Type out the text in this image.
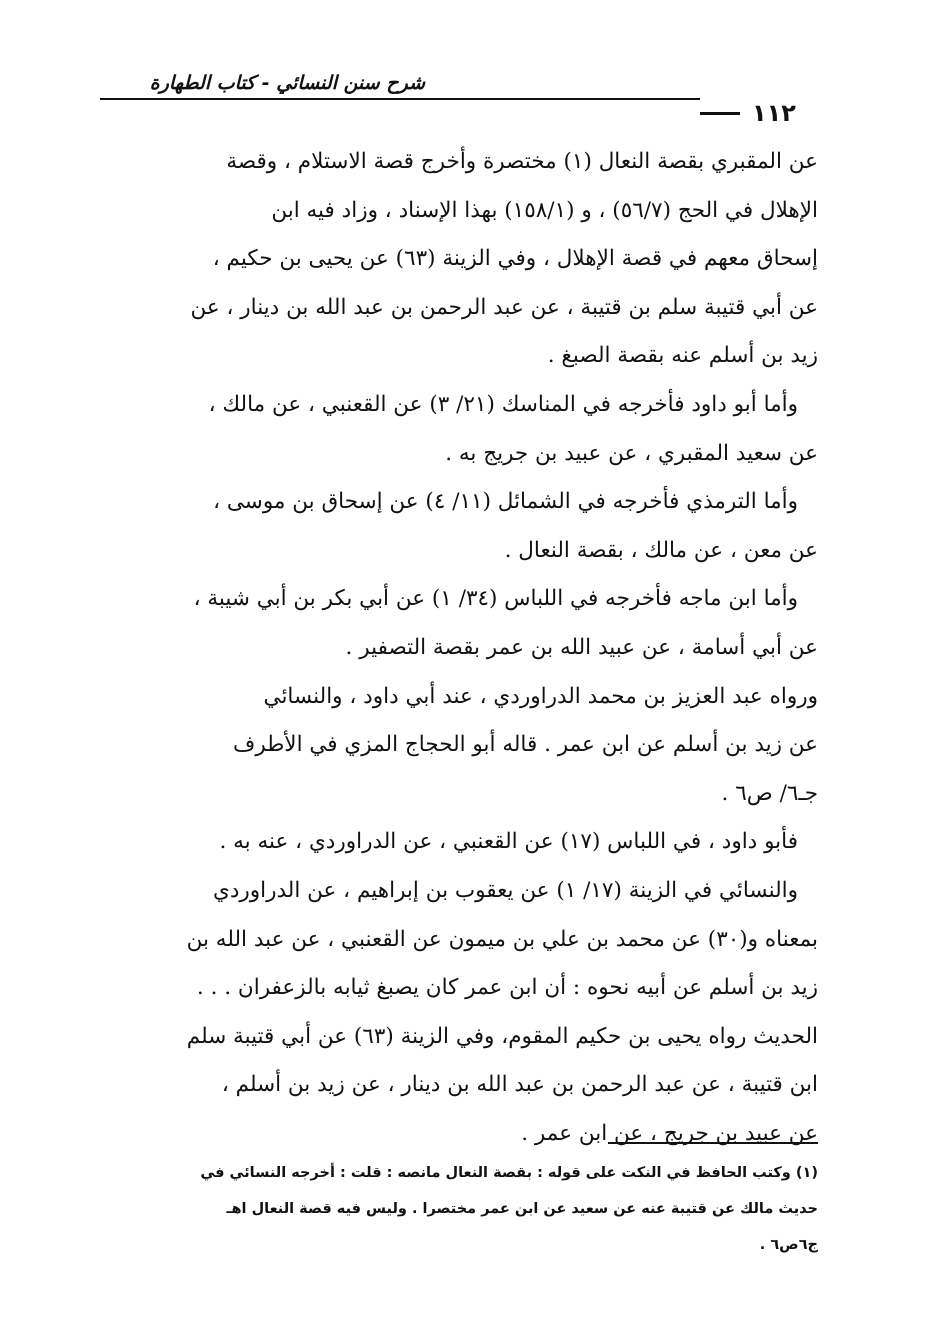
شرح سنن النسائي - كتاب الطهارة
١١٢
عن المقبري بقصة النعال (١) مختصرة وأخرج قصة الاستلام ، وقصة
الإهلال في الحج (٥٦/٧) ، و (١٥٨/١) بهذا الإسناد ، وزاد فيه ابن
إسحاق معهم في قصة الإهلال ، وفي الزينة (٦٣) عن يحيى بن حكيم ،
عن أبي قتيبة سلم بن قتيبة ، عن عبد الرحمن بن عبد الله بن دينار ، عن
زيد بن أسلم عنه بقصة الصبغ .
وأما أبو داود فأخرجه في المناسك (٢١/ ٣) عن القعنبي ، عن مالك ،
عن سعيد المقبري ، عن عبيد بن جريج به .
وأما الترمذي فأخرجه في الشمائل (١١/ ٤) عن إسحاق بن موسى ،
عن معن ، عن مالك ، بقصة النعال .
وأما ابن ماجه فأخرجه في اللباس (٣٤/ ١) عن أبي بكر بن أبي شيبة ،
عن أبي أسامة ، عن عبيد الله بن عمر بقصة التصفير .
ورواه عبد العزيز بن محمد الدراوردي ، عند أبي داود ، والنسائي
عن زيد بن أسلم عن ابن عمر . قاله أبو الحجاج المزي في الأطرف
جـ٦/ ص٦ .
فأبو داود ، في اللباس (١٧) عن القعنبي ، عن الدراوردي ، عنه به .
والنسائي في الزينة (١٧/ ١) عن يعقوب بن إبراهيم ، عن الدراوردي
بمعناه و(٣٠) عن محمد بن علي بن ميمون عن القعنبي ، عن عبد الله بن
زيد بن أسلم عن أبيه نحوه : أن ابن عمر كان يصبغ ثيابه بالزعفران . . .
الحديث رواه يحيى بن حكيم المقوم، وفي الزينة (٦٣) عن أبي قتيبة سلم
ابن قتيبة ، عن عبد الرحمن بن عبد الله بن دينار ، عن زيد بن أسلم ،
عن عبيد بن جريج ، عن ابن عمر .
(١) وكتب الحافظ في النكت على قوله : بقصة النعال مانصه : قلت : أخرجه النسائي في
حديث مالك عن قتيبة عنه عن سعيد عن ابن عمر مختصرا . وليس فيه قصة النعال اهـ
ج٦ص٦ .
